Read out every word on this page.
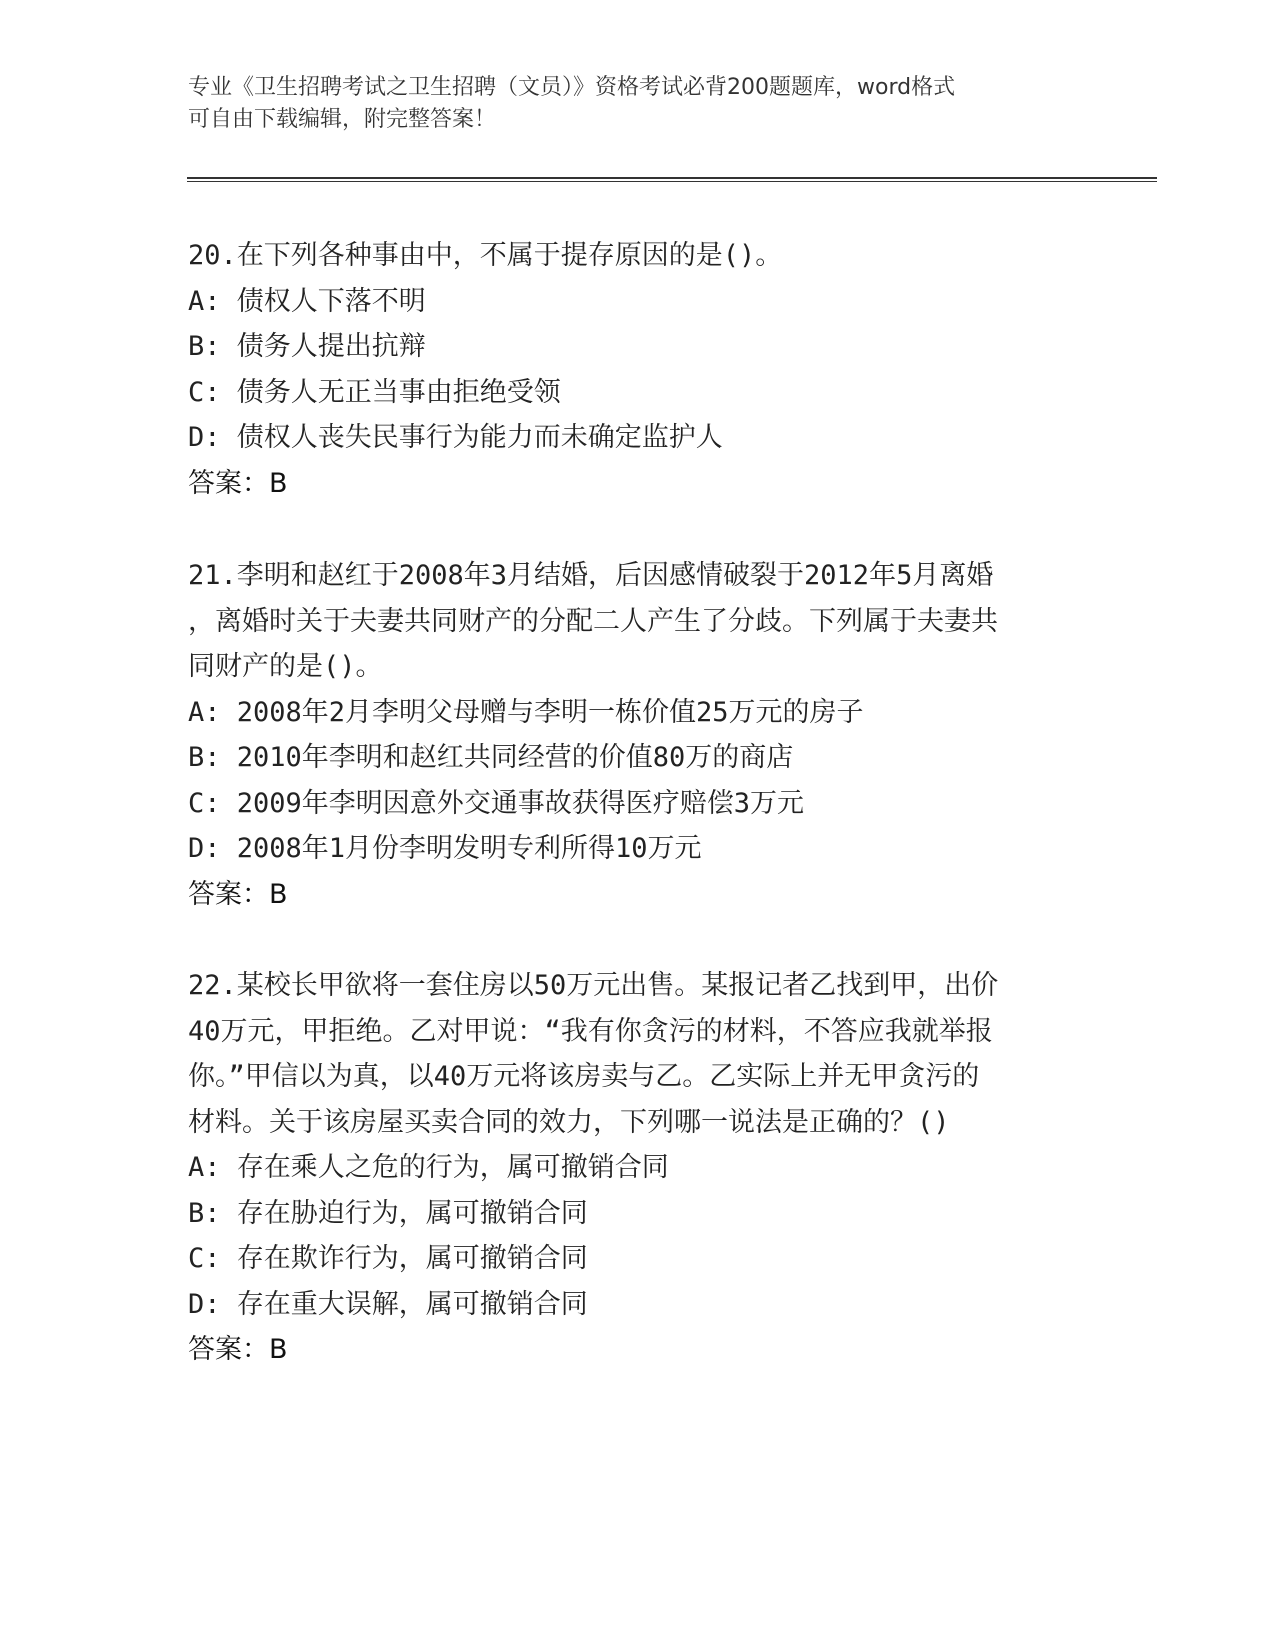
专业《卫生招聘考试之卫生招聘（文员）》资格考试必背200题题库，word格式
可自由下载编辑，附完整答案！
20.在下列各种事由中，不属于提存原因的是()。
A: 债权人下落不明
B: 债务人提出抗辩
C: 债务人无正当事由拒绝受领
D: 债权人丧失民事行为能力而未确定监护人
答案：B
21.李明和赵红于2008年3月结婚，后因感情破裂于2012年5月离婚
，离婚时关于夫妻共同财产的分配二人产生了分歧。下列属于夫妻共
同财产的是()。
A: 2008年2月李明父母赠与李明一栋价值25万元的房子
B: 2010年李明和赵红共同经营的价值80万的商店
C: 2009年李明因意外交通事故获得医疗赔偿3万元
D: 2008年1月份李明发明专利所得10万元
答案：B
22.某校长甲欲将一套住房以50万元出售。某报记者乙找到甲，出价
40万元，甲拒绝。乙对甲说：“我有你贪污的材料，不答应我就举报
你。”甲信以为真，以40万元将该房卖与乙。乙实际上并无甲贪污的
材料。关于该房屋买卖合同的效力，下列哪一说法是正确的？()
A: 存在乘人之危的行为，属可撤销合同
B: 存在胁迫行为，属可撤销合同
C: 存在欺诈行为，属可撤销合同
D: 存在重大误解，属可撤销合同
答案：B
